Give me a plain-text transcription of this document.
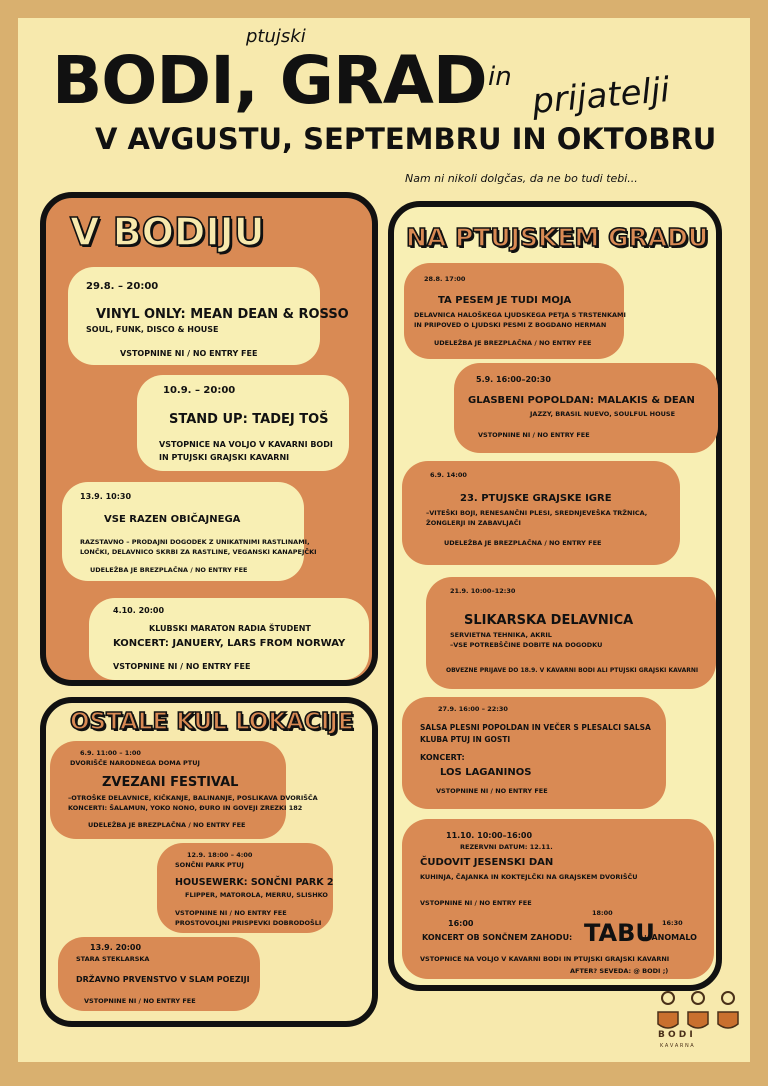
ptujski
BODI, GRAD in prijatelji
V AVGUSTU, SEPTEMBRU IN OKTOBRU
Nam ni nikoli dolgčas, da ne bo tudi tebi...
V BODIJU
29.8. – 20:00
VINYL ONLY: MEAN DEAN & ROSSO
SOUL, FUNK, DISCO & HOUSE
VSTOPNINE NI / NO ENTRY FEE
10.9. – 20:00
STAND UP: TADEJ TOŠ
VSTOPNICE NA VOLJO V KAVARNI BODI
IN PTUJSKI GRAJSKI KAVARNI
13.9. 10:30
VSE RAZEN OBIČAJNEGA
RAZSTAVNO – PRODAJNI DOGODEK Z UNIKATNIMI RASTLINAMI,
LONČKI, DELAVNICO SKRBI ZA RASTLINE, VEGANSKI KANAPEJČKI
UDELEŽBA JE BREZPLAČNA / NO ENTRY FEE
4.10. 20:00
KLUBSKI MARATON RADIA ŠTUDENT
KONCERT: JANUERY, LARS FROM NORWAY
VSTOPNINE NI / NO ENTRY FEE
OSTALE KUL LOKACIJE
6.9. 11:00 – 1:00
DVORIŠČE NARODNEGA DOMA PTUJ
ZVEZANI FESTIVAL
–OTROŠKE DELAVNICE, KIČKANJE, BALINANJE, POSLIKAVA DVORIŠČA
KONCERTI: ŠALAMUN, YOKO NONO, ĐURO IN GOVEJI ZREZKI 182
UDELEŽBA JE BREZPLAČNA / NO ENTRY FEE
12.9. 18:00 – 4:00
SONČNI PARK PTUJ
HOUSEWERK: SONČNI PARK 2
FLIPPER, MATOROLA, MERRU, SLISHKO
VSTOPNINE NI / NO ENTRY FEE
PROSTOVOLJNI PRISPEVKI DOBRODOŠLI
13.9. 20:00
STARA STEKLARSKA
DRŽAVNO PRVENSTVO V SLAM POEZIJI
VSTOPNINE NI / NO ENTRY FEE
NA PTUJSKEM GRADU
28.8. 17:00
TA PESEM JE TUDI MOJA
DELAVNICA HALOŠKEGA LJUDSKEGA PETJA S TRSTENKAMI
IN PRIPOVED O LJUDSKI PESMI Z BOGDANO HERMAN
UDELEŽBA JE BREZPLAČNA / NO ENTRY FEE
5.9. 16:00–20:30
GLASBENI POPOLDAN: MALAKIS & DEAN
JAZZY, BRASIL NUEVO, SOULFUL HOUSE
VSTOPNINE NI / NO ENTRY FEE
6.9. 14:00
23. PTUJSKE GRAJSKE IGRE
–VITEŠKI BOJI, RENESANČNI PLESI, SREDNJEVEŠKA TRŽNICA,
ŽONGLERJI IN ZABAVLJAČI
UDELEŽBA JE BREZPLAČNA / NO ENTRY FEE
21.9. 10:00–12:30
SLIKARSKA DELAVNICA
SERVIETNA TEHNIKA, AKRIL
–VSE POTREBŠČINE DOBITE NA DOGODKU
OBVEZNE PRIJAVE DO 18.9. V KAVARNI BODI ALI PTUJSKI GRAJSKI KAVARNI
27.9. 16:00 – 22:30
SALSA PLESNI POPOLDAN IN VEČER S PLESALCI SALSA
KLUBA PTUJ IN GOSTI
KONCERT:
LOS LAGANINOS
VSTOPNINE NI / NO ENTRY FEE
11.10. 10:00–16:00
REZERVNI DATUM: 12.11.
ČUDOVIT JESENSKI DAN
KUHINJA, ČAJANKA IN KOKTEJLČKI NA GRAJSKEM DVORIŠČU
VSTOPNINE NI / NO ENTRY FEE
16:00
KONCERT OB SONČNEM ZAHODU: TABU
18:00
16:30
+ ANOMALO
VSTOPNICE NA VOLJO V KAVARNI BODI IN PTUJSKI GRAJSKI KAVARNI
AFTER? SEVEDA: @ BODI ;)
B O D I
K A V A R N A
